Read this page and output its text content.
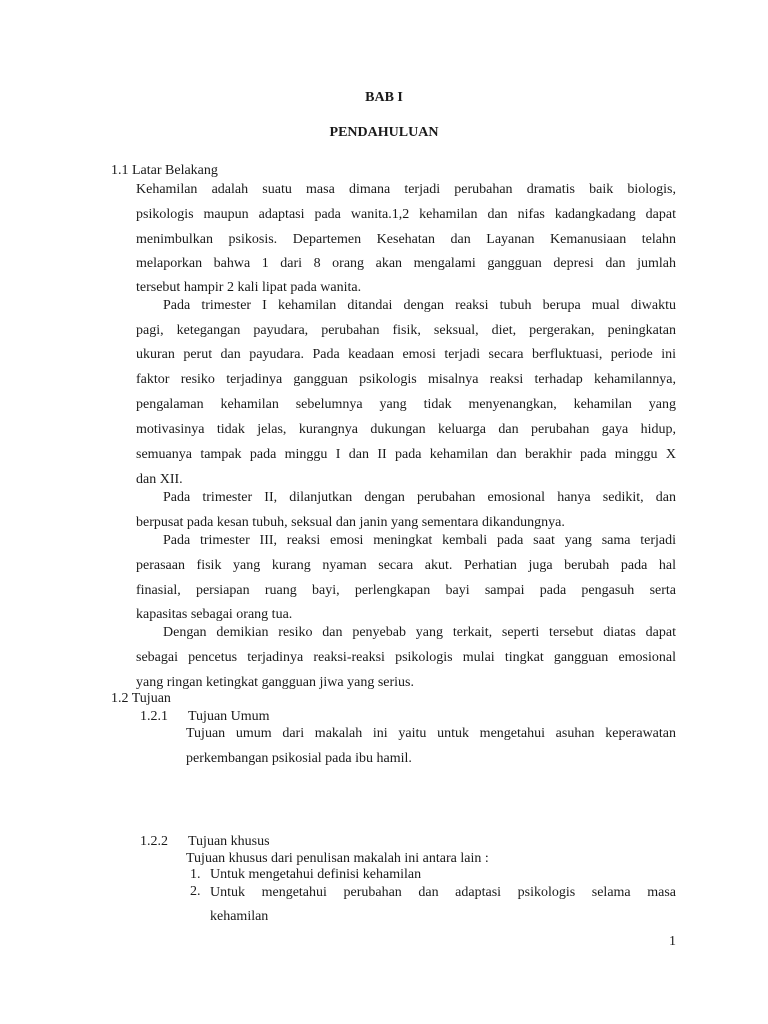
BAB I
PENDAHULUAN
1.1 Latar Belakang
Kehamilan adalah suatu masa dimana terjadi perubahan dramatis baik biologis,
psikologis maupun adaptasi pada wanita.1,2 kehamilan dan nifas kadangkadang dapat
menimbulkan psikosis. Departemen Kesehatan dan Layanan Kemanusiaan telahn
melaporkan bahwa 1 dari 8 orang akan mengalami gangguan depresi dan jumlah
tersebut hampir 2 kali lipat pada wanita.
Pada trimester I kehamilan ditandai dengan reaksi tubuh berupa mual diwaktu
pagi, ketegangan payudara, perubahan fisik, seksual, diet, pergerakan, peningkatan
ukuran perut dan payudara. Pada keadaan emosi terjadi secara berfluktuasi, periode ini
faktor resiko terjadinya gangguan psikologis misalnya reaksi terhadap kehamilannya,
pengalaman kehamilan sebelumnya yang tidak menyenangkan, kehamilan yang
motivasinya tidak jelas, kurangnya dukungan keluarga dan perubahan gaya hidup,
semuanya tampak pada minggu I dan II pada kehamilan dan berakhir pada minggu X
dan XII.
Pada trimester II, dilanjutkan dengan perubahan emosional hanya sedikit, dan
berpusat pada kesan tubuh, seksual dan janin yang sementara dikandungnya.
Pada trimester III, reaksi emosi meningkat kembali pada saat yang sama terjadi
perasaan fisik yang kurang nyaman secara akut. Perhatian juga berubah pada hal
finasial, persiapan ruang bayi, perlengkapan bayi sampai pada pengasuh serta
kapasitas sebagai orang tua.
Dengan demikian resiko dan penyebab yang terkait, seperti tersebut diatas dapat
sebagai pencetus terjadinya reaksi-reaksi psikologis mulai tingkat gangguan emosional
yang ringan ketingkat gangguan jiwa yang serius.
1.2 Tujuan
1.2.1 Tujuan Umum
Tujuan umum dari makalah ini yaitu untuk mengetahui asuhan keperawatan
perkembangan psikosial pada ibu hamil.
1.2.2 Tujuan khusus
Tujuan khusus dari penulisan makalah ini antara lain :
1. Untuk mengetahui definisi kehamilan
2. Untuk mengetahui perubahan dan adaptasi psikologis selama masa
kehamilan
1
